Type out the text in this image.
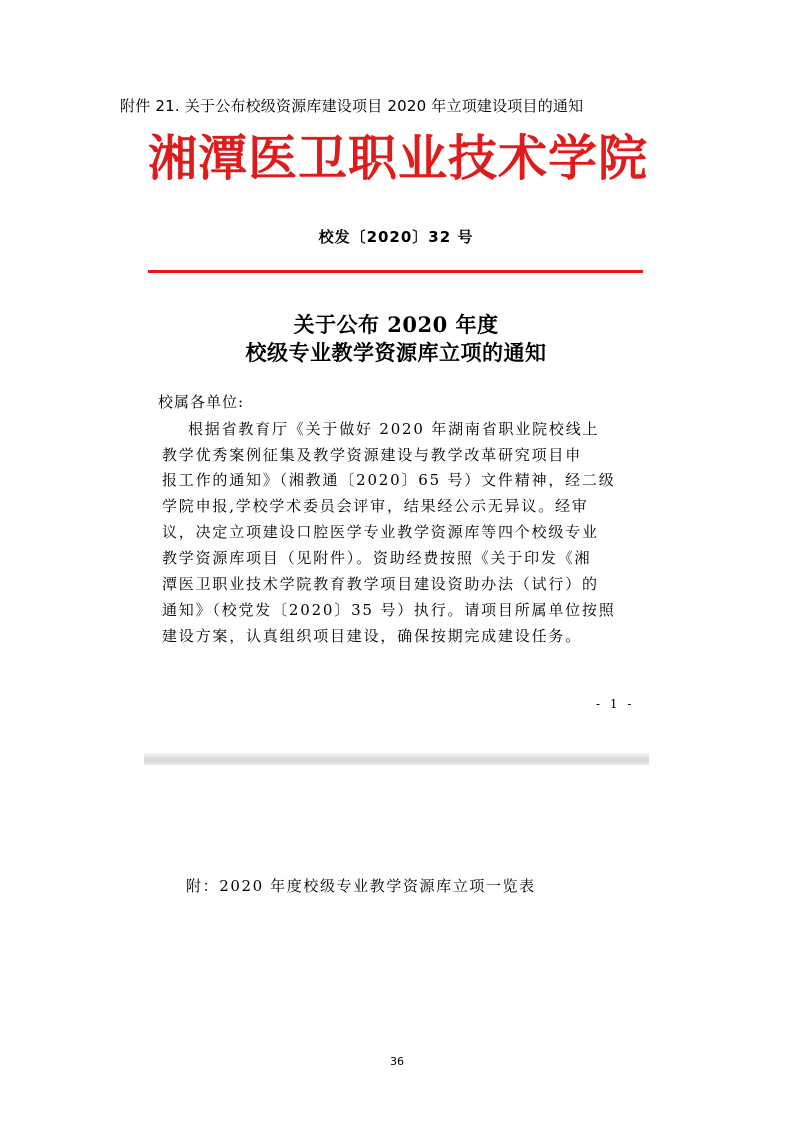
附件 21. 关于公布校级资源库建设项目 2020 年立项建设项目的通知
湘潭医卫职业技术学院
校发〔2020〕32 号
关于公布 2020 年度
校级专业教学资源库立项的通知
校属各单位:
根据省教育厅《关于做好 2020 年湖南省职业院校线上
教学优秀案例征集及教学资源建设与教学改革研究项目申
报工作的通知》（湘教通〔2020〕65 号）文件精神，经二级
学院申报,学校学术委员会评审，结果经公示无异议。经审
议，决定立项建设口腔医学专业教学资源库等四个校级专业
教学资源库项目（见附件）。资助经费按照《关于印发《湘
潭医卫职业技术学院教育教学项目建设资助办法（试行）的
通知》（校党发〔2020〕35 号）执行。请项目所属单位按照
建设方案，认真组织项目建设，确保按期完成建设任务。
- 1 -
附：2020 年度校级专业教学资源库立项一览表
36
